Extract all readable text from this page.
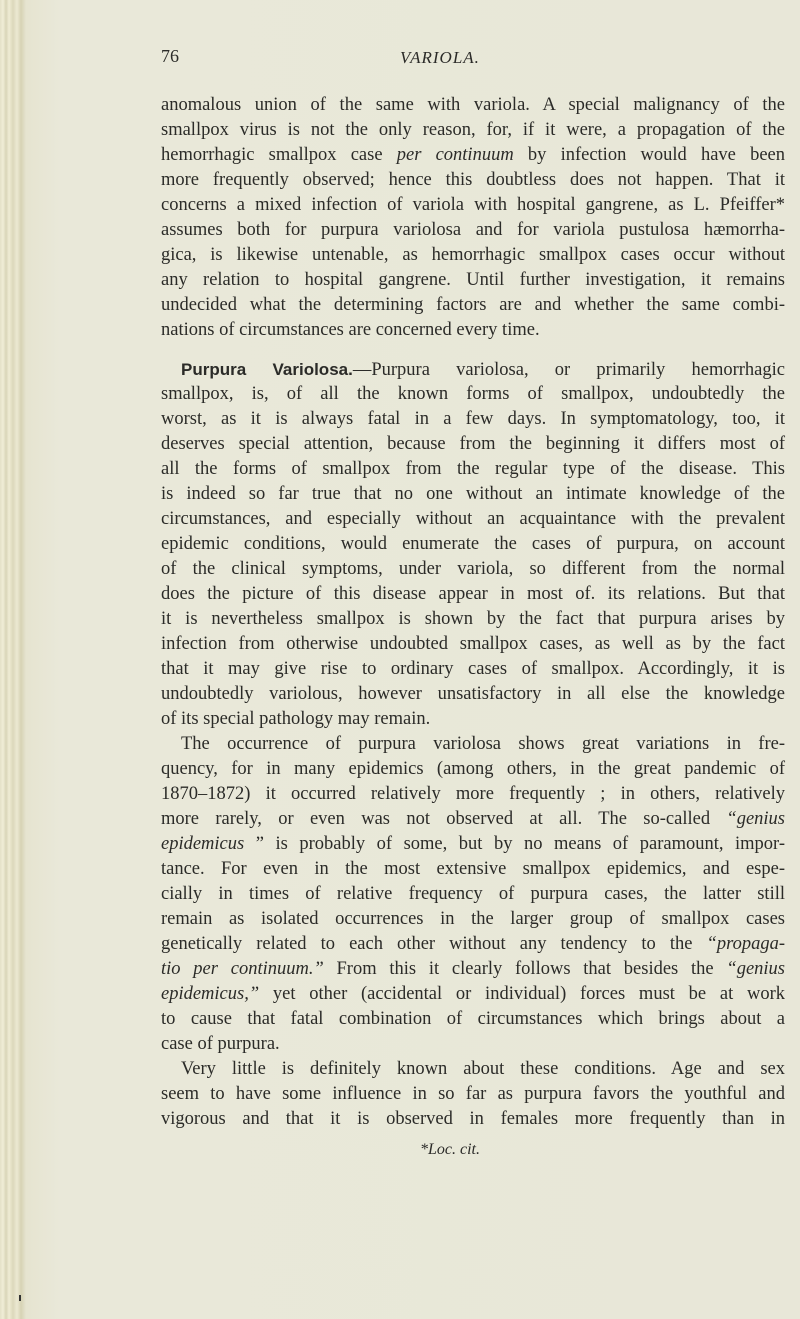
76	VARIOLA.
anomalous union of the same with variola. A special malignancy of the
smallpox virus is not the only reason, for, if it were, a propagation of the
hemorrhagic smallpox case per continuum by infection would have been
more frequently observed; hence this doubtless does not happen. That it
concerns a mixed infection of variola with hospital gangrene, as L. Pfeiffer*
assumes both for purpura variolosa and for variola pustulosa hæmorrha-
gica, is likewise untenable, as hemorrhagic smallpox cases occur without
any relation to hospital gangrene. Until further investigation, it remains
undecided what the determining factors are and whether the same combi-
nations of circumstances are concerned every time.
Purpura Variolosa.—Purpura variolosa, or primarily hemorrhagic
smallpox, is, of all the known forms of smallpox, undoubtedly the
worst, as it is always fatal in a few days. In symptomatology, too, it
deserves special attention, because from the beginning it differs most of
all the forms of smallpox from the regular type of the disease. This
is indeed so far true that no one without an intimate knowledge of the
circumstances, and especially without an acquaintance with the prevalent
epidemic conditions, would enumerate the cases of purpura, on account
of the clinical symptoms, under variola, so different from the normal
does the picture of this disease appear in most of. its relations. But that
it is nevertheless smallpox is shown by the fact that purpura arises by
infection from otherwise undoubted smallpox cases, as well as by the fact
that it may give rise to ordinary cases of smallpox. Accordingly, it is
undoubtedly variolous, however unsatisfactory in all else the knowledge
of its special pathology may remain.
The occurrence of purpura variolosa shows great variations in fre-
quency, for in many epidemics (among others, in the great pandemic of
1870–1872) it occurred relatively more frequently ; in others, relatively
more rarely, or even was not observed at all. The so-called “genius
epidemicus ” is probably of some, but by no means of paramount, impor-
tance. For even in the most extensive smallpox epidemics, and espe-
cially in times of relative frequency of purpura cases, the latter still
remain as isolated occurrences in the larger group of smallpox cases
genetically related to each other without any tendency to the “propaga-
tio per continuum.” From this it clearly follows that besides the “genius
epidemicus,” yet other (accidental or individual) forces must be at work
to cause that fatal combination of circumstances which brings about a
case of purpura.
Very little is definitely known about these conditions. Age and sex
seem to have some influence in so far as purpura favors the youthful and
vigorous and that it is observed in females more frequently than in
*Loc. cit.
